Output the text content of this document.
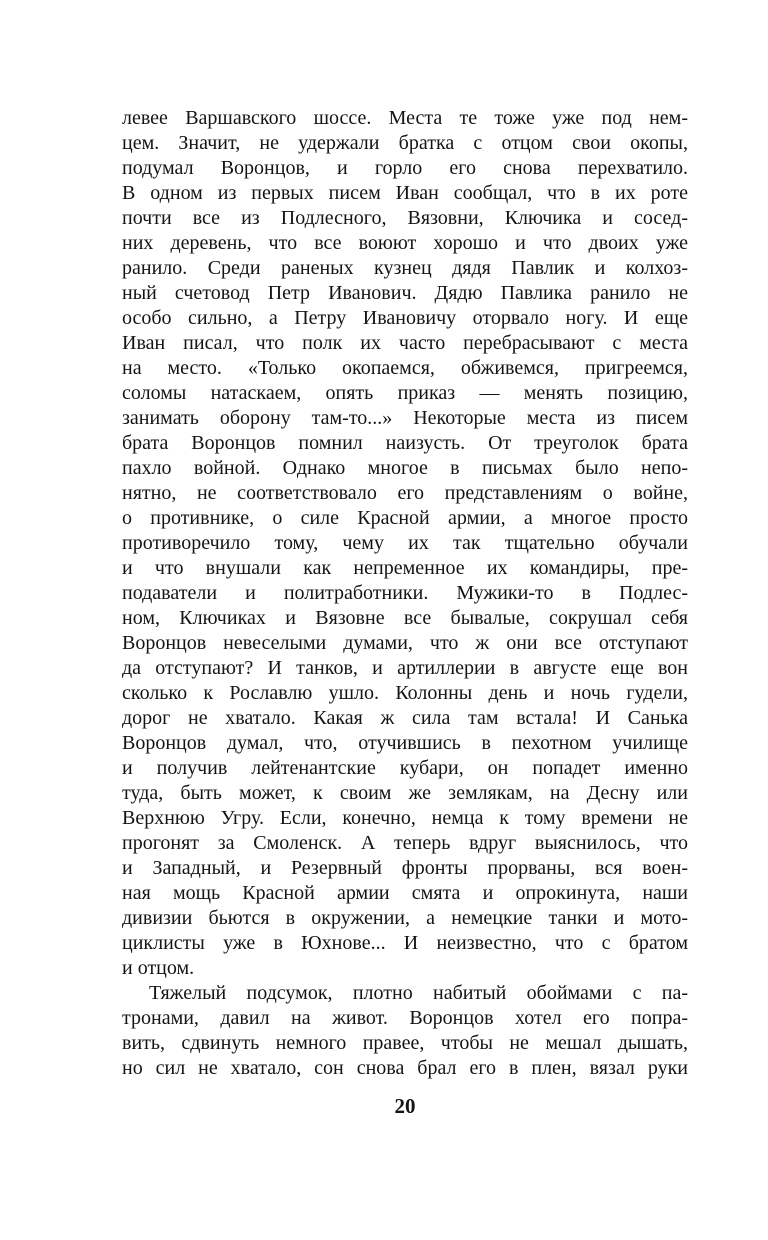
левее Варшавского шоссе. Места те тоже уже под нем-
цем. Значит, не удержали братка с отцом свои окопы,
подумал Воронцов, и горло его снова перехватило.
В одном из первых писем Иван сообщал, что в их роте
почти все из Подлесного, Вязовни, Ключика и сосед-
них деревень, что все воюют хорошо и что двоих уже
ранило. Среди раненых кузнец дядя Павлик и колхоз-
ный счетовод Петр Иванович. Дядю Павлика ранило не
особо сильно, а Петру Ивановичу оторвало ногу. И еще
Иван писал, что полк их часто перебрасывают с места
на место. «Только окопаемся, обживемся, пригреемся,
соломы натаскаем, опять приказ — менять позицию,
занимать оборону там-то...» Некоторые места из писем
брата Воронцов помнил наизусть. От треуголок брата
пахло войной. Однако многое в письмах было непо-
нятно, не соответствовало его представлениям о войне,
о противнике, о силе Красной армии, а многое просто
противоречило тому, чему их так тщательно обучали
и что внушали как непременное их командиры, пре-
подаватели и политработники. Мужики-то в Подлес-
ном, Ключиках и Вязовне все бывалые, сокрушал себя
Воронцов невеселыми думами, что ж они все отступают
да отступают? И танков, и артиллерии в августе еще вон
сколько к Рославлю ушло. Колонны день и ночь гудели,
дорог не хватало. Какая ж сила там встала! И Санька
Воронцов думал, что, отучившись в пехотном училище
и получив лейтенантские кубари, он попадет именно
туда, быть может, к своим же землякам, на Десну или
Верхнюю Угру. Если, конечно, немца к тому времени не
прогонят за Смоленск. А теперь вдруг выяснилось, что
и Западный, и Резервный фронты прорваны, вся воен-
ная мощь Красной армии смята и опрокинута, наши
дивизии бьются в окружении, а немецкие танки и мото-
циклисты уже в Юхнове... И неизвестно, что с братом
и отцом.
Тяжелый подсумок, плотно набитый обоймами с па-
тронами, давил на живот. Воронцов хотел его попра-
вить, сдвинуть немного правее, чтобы не мешал дышать,
но сил не хватало, сон снова брал его в плен, вязал руки
20
